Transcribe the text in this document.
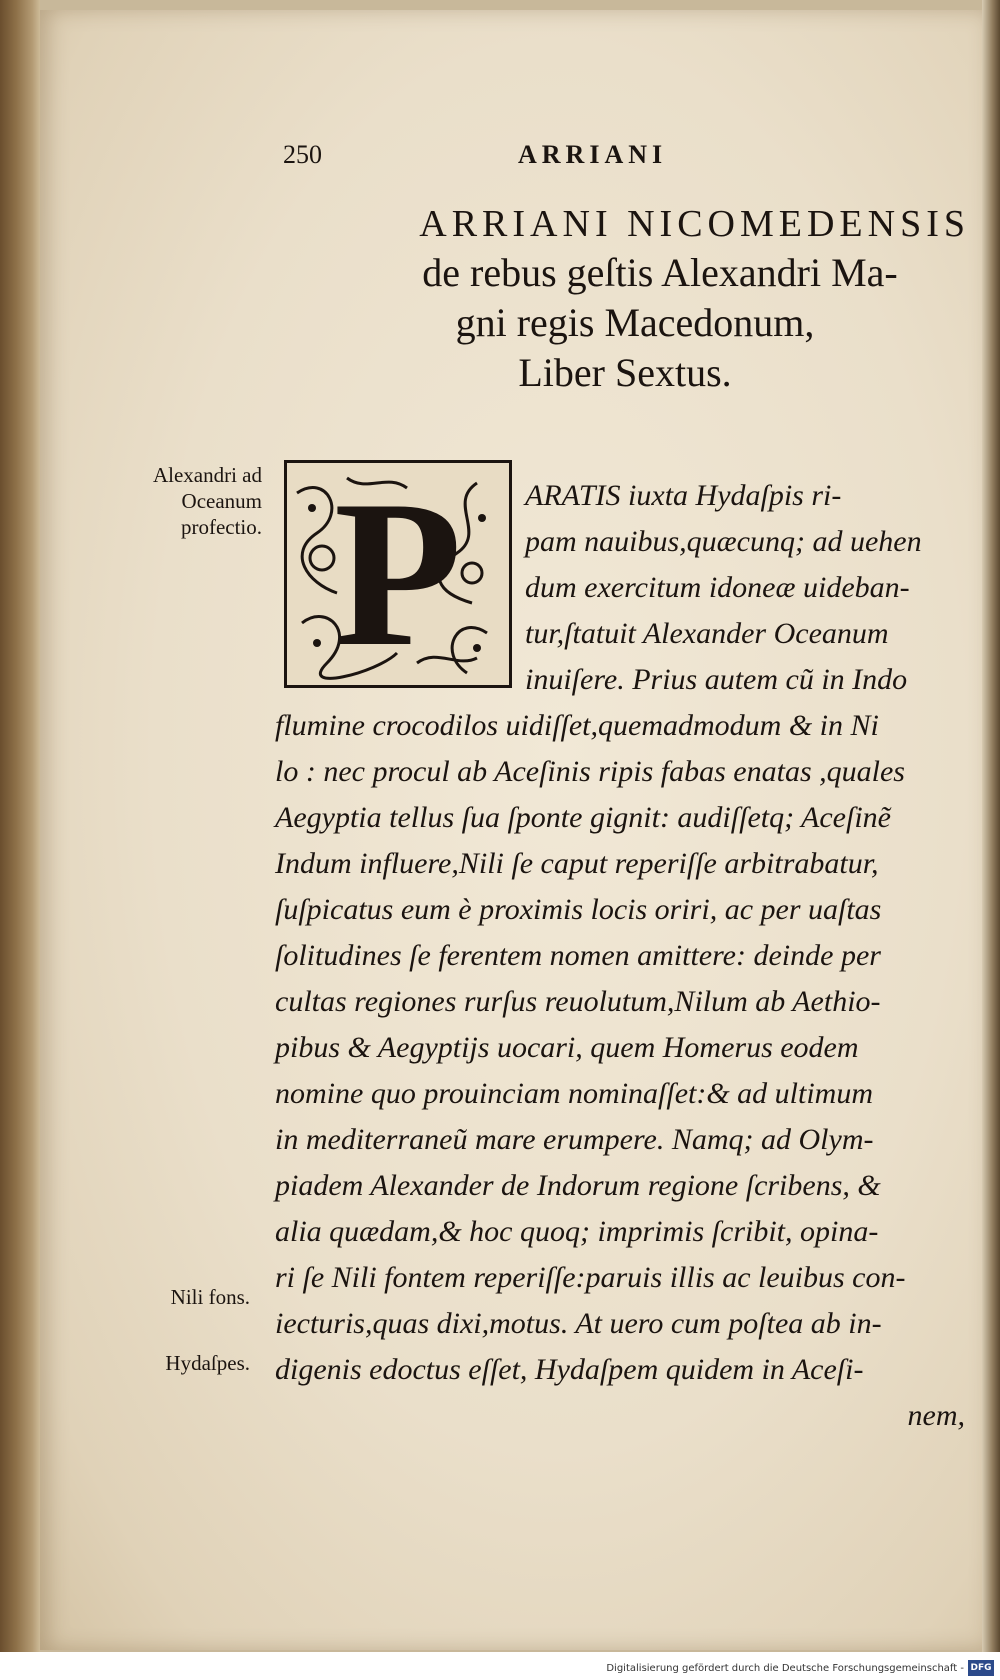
250	ARRIANI
ARRIANI NICOMEDENSIS
de rebus geſtis Alexandri Ma-
gni regis Macedonum,
Liber Sextus.
Alexandri ad
Oceanum
profectio.
Nili fons.
Hydaſpes.
P	ARATIS iuxta Hydaſpis ri-
pam nauibus,quæcunq; ad uehen
dum exercitum idoneæ uideban-
tur,ſtatuit Alexander Oceanum
inuiſere. Prius autem cũ in Indo
flumine crocodilos uidiſſet,quemadmodum & in Ni
lo : nec procul ab Aceſinis ripis fabas enatas ,quales
Aegyptia tellus ſua ſponte gignit: audiſſetq; Aceſinẽ
Indum influere,Nili ſe caput reperiſſe arbitrabatur,
ſuſpicatus eum è proximis locis oriri, ac per uaſtas
ſolitudines ſe ferentem nomen amittere: deinde per
cultas regiones rurſus reuolutum,Nilum ab Aethio-
pibus & Aegyptijs uocari, quem Homerus eodem
nomine quo prouinciam nominaſſet:& ad ultimum
in mediterraneũ mare erumpere. Namq; ad Olym-
piadem Alexander de Indorum regione ſcribens, &
alia quædam,& hoc quoq; imprimis ſcribit, opina-
ri ſe Nili fontem reperiſſe:paruis illis ac leuibus con-
iecturis,quas dixi,motus. At uero cum poſtea ab in-
digenis edoctus eſſet, Hydaſpem quidem in Aceſi-
nem,
Digitalisierung gefördert durch die Deutsche Forschungsgemeinschaft - DFG
